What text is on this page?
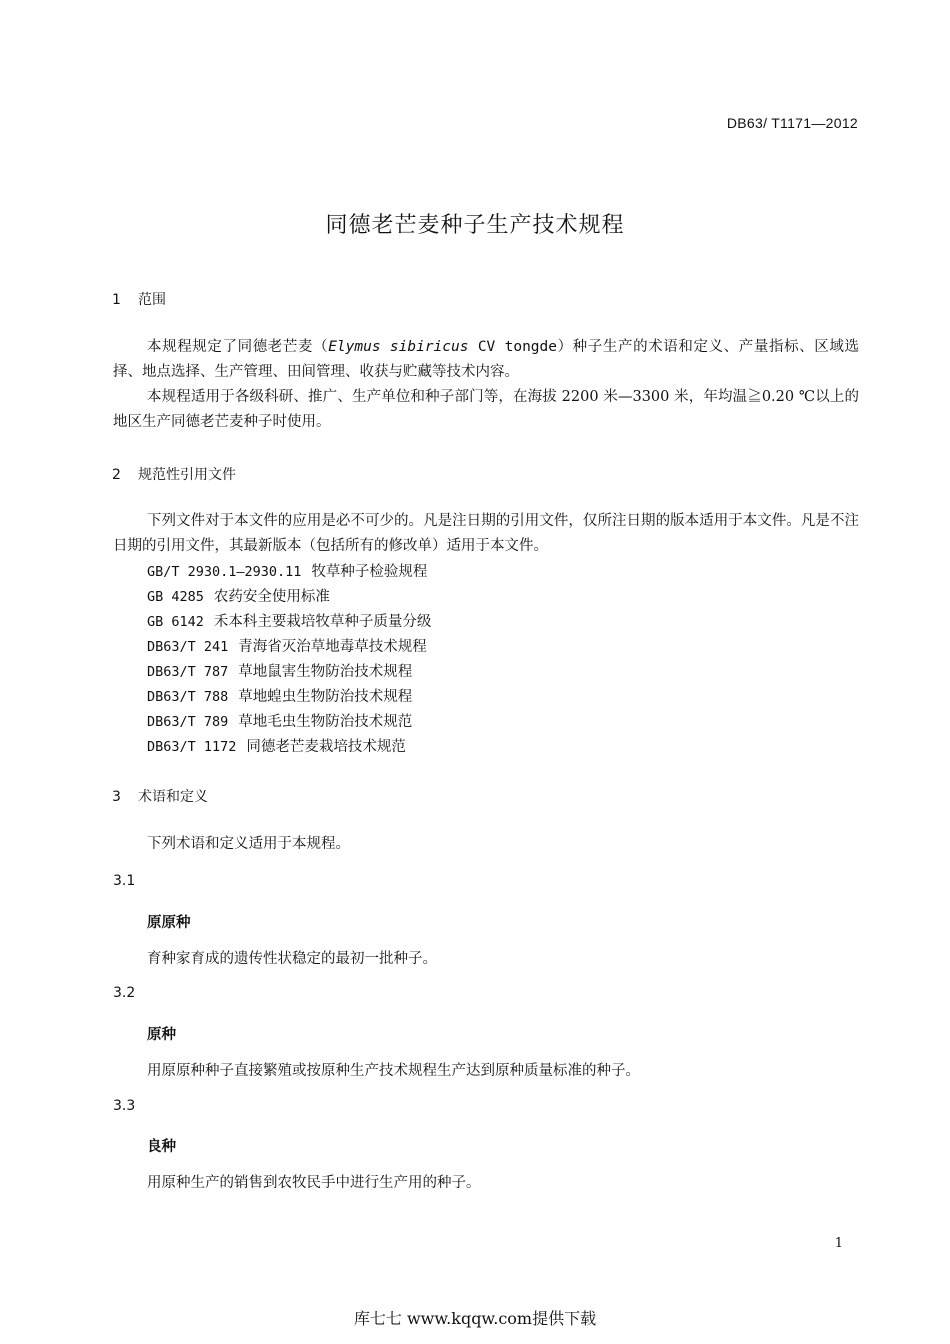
DB63/ T1171—2012
同德老芒麦种子生产技术规程
1 范围

本规程规定了同德老芒麦（Elymus sibiricus CV tongde）种子生产的术语和定义、产量指标、区域选择、地点选择、生产管理、田间管理、收获与贮藏等技术内容。

本规程适用于各级科研、推广、生产单位和种子部门等，在海拔 2200 米—3300 米，年均温≧0.20 ℃以上的地区生产同德老芒麦种子时使用。

2 规范性引用文件

下列文件对于本文件的应用是必不可少的。凡是注日期的引用文件，仅所注日期的版本适用于本文件。凡是不注日期的引用文件，其最新版本（包括所有的修改单）适用于本文件。

GB/T 2930.1—2930.11 牧草种子检验规程
GB 4285 农药安全使用标准
GB 6142 禾本科主要栽培牧草种子质量分级
DB63/T 241 青海省灭治草地毒草技术规程
DB63/T 787 草地鼠害生物防治技术规程
DB63/T 788 草地蝗虫生物防治技术规程
DB63/T 789 草地毛虫生物防治技术规范
DB63/T 1172 同德老芒麦栽培技术规范
3 术语和定义

下列术语和定义适用于本规程。

3.1
原原种
育种家育成的遗传性状稳定的最初一批种子。
3.2
原种
用原原种种子直接繁殖或按原种生产技术规程生产达到原种质量标准的种子。
3.3
良种
用原种生产的销售到农牧民手中进行生产用的种子。
1
库七七 www.kqqw.com提供下载
